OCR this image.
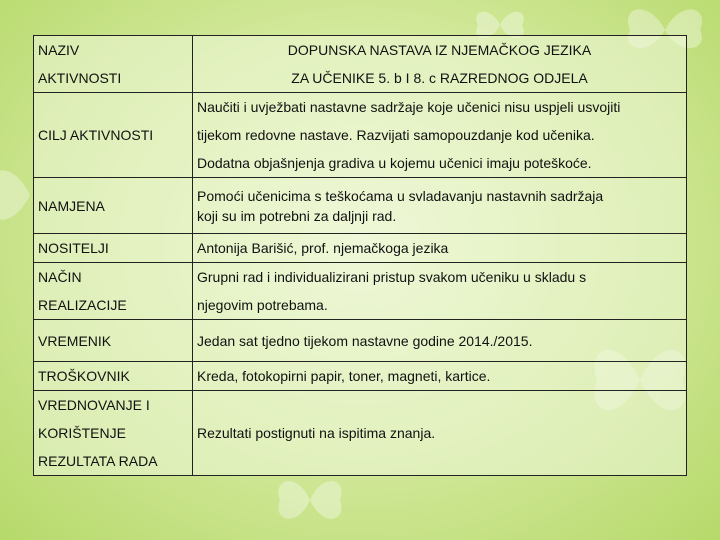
NAZIV
AKTIVNOSTI	DOPUNSKA NASTAVA IZ NJEMAČKOG JEZIKA
ZA UČENIKE 5. b I 8. c RAZREDNOG ODJELA

CILJ AKTIVNOSTI	Naučiti i uvježbati nastavne sadržaje koje učenici nisu uspjeli usvojiti
tijekom redovne nastave. Razvijati samopouzdanje kod učenika.
Dodatna objašnjenja gradiva u kojemu učenici imaju poteškoće.

NAMJENA	Pomoći učenicima s teškoćama u svladavanju nastavnih sadržaja
koji su im potrebni za daljnji rad.

NOSITELJI	Antonija Barišić, prof. njemačkoga jezika

NAČIN
REALIZACIJE	Grupni rad i individualizirani pristup svakom učeniku u skladu s
njegovim potrebama.

VREMENIK	Jedan sat tjedno tijekom nastavne godine 2014./2015.

TROŠKOVNIK	Kreda, fotokopirni papir, toner, magneti, kartice.

VREDNOVANJE I
KORIŠTENJE
REZULTATA RADA	Rezultati postignuti na ispitima znanja.
